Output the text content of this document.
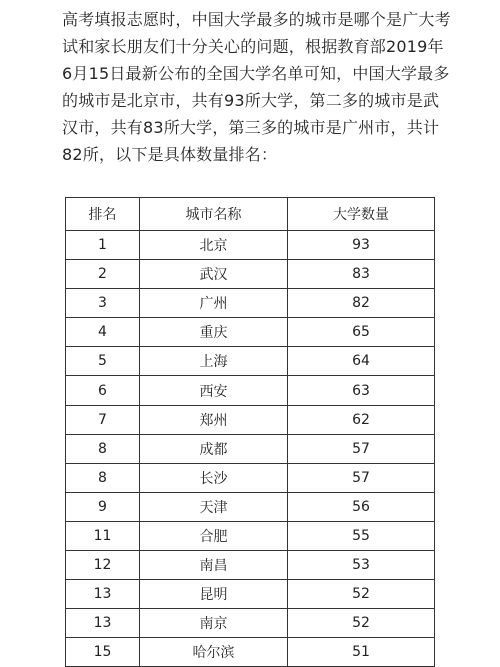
高考填报志愿时，中国大学最多的城市是哪个是广大考试和家长朋友们十分关心的问题，根据教育部2019年6月15日最新公布的全国大学名单可知，中国大学最多的城市是北京市，共有93所大学，第二多的城市是武汉市，共有83所大学，第三多的城市是广州市，共计82所，以下是具体数量排名：

排名	城市名称	大学数量
1	北京	93
2	武汉	83
3	广州	82
4	重庆	65
5	上海	64
6	西安	63
7	郑州	62
8	成都	57
8	长沙	57
9	天津	56
11	合肥	55
12	南昌	53
13	昆明	52
13	南京	52
15	哈尔滨	51
